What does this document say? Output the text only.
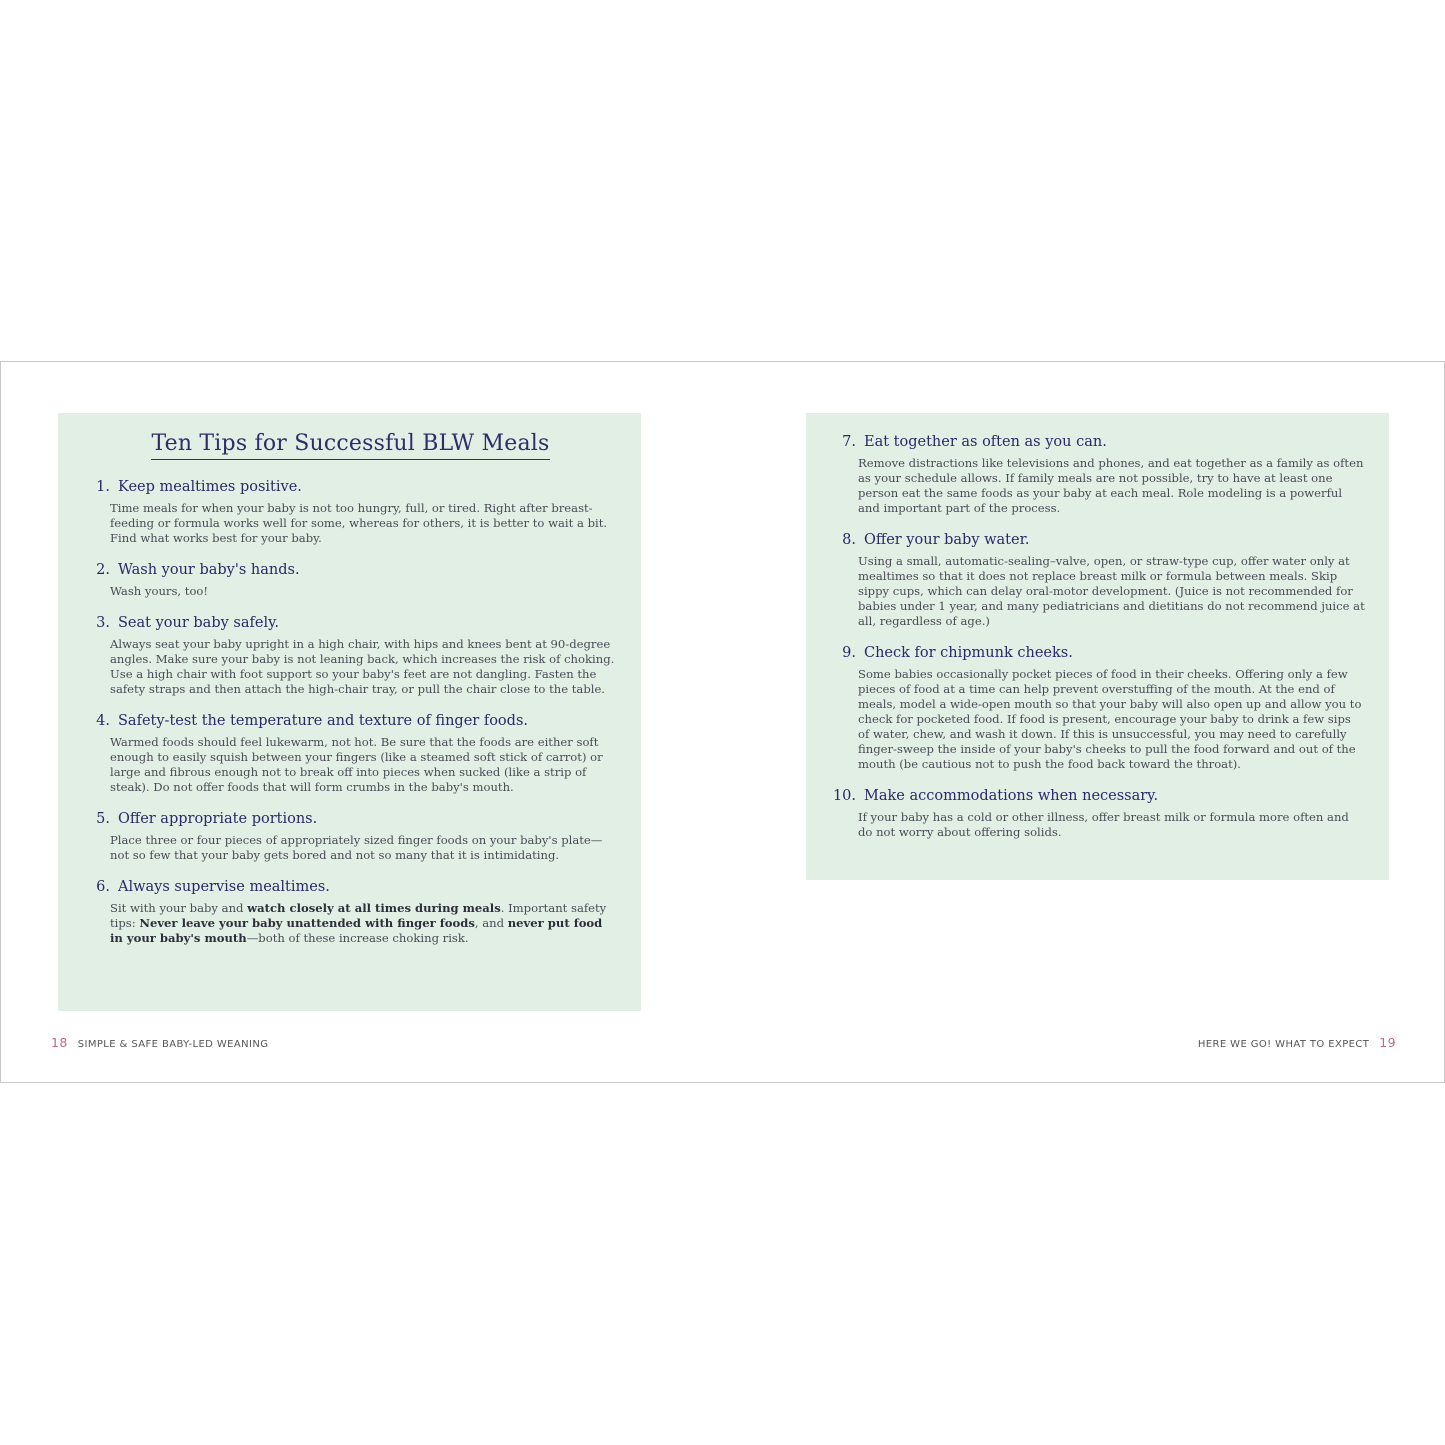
Ten Tips for Successful BLW Meals
1. Keep mealtimes positive.
Time meals for when your baby is not too hungry, full, or tired. Right after breast-feeding or formula works well for some, whereas for others, it is better to wait a bit. Find what works best for your baby.
2. Wash your baby's hands.
Wash yours, too!
3. Seat your baby safely.
Always seat your baby upright in a high chair, with hips and knees bent at 90-degree angles. Make sure your baby is not leaning back, which increases the risk of choking. Use a high chair with foot support so your baby's feet are not dangling. Fasten the safety straps and then attach the high-chair tray, or pull the chair close to the table.
4. Safety-test the temperature and texture of finger foods.
Warmed foods should feel lukewarm, not hot. Be sure that the foods are either soft enough to easily squish between your fingers (like a steamed soft stick of carrot) or large and fibrous enough not to break off into pieces when sucked (like a strip of steak). Do not offer foods that will form crumbs in the baby's mouth.
5. Offer appropriate portions.
Place three or four pieces of appropriately sized finger foods on your baby's plate—not so few that your baby gets bored and not so many that it is intimidating.
6. Always supervise mealtimes.
Sit with your baby and watch closely at all times during meals. Important safety tips: Never leave your baby unattended with finger foods, and never put food in your baby's mouth—both of these increase choking risk.
7. Eat together as often as you can.
Remove distractions like televisions and phones, and eat together as a family as often as your schedule allows. If family meals are not possible, try to have at least one person eat the same foods as your baby at each meal. Role modeling is a powerful and important part of the process.
8. Offer your baby water.
Using a small, automatic-sealing–valve, open, or straw-type cup, offer water only at mealtimes so that it does not replace breast milk or formula between meals. Skip sippy cups, which can delay oral-motor development. (Juice is not recommended for babies under 1 year, and many pediatricians and dietitians do not recommend juice at all, regardless of age.)
9. Check for chipmunk cheeks.
Some babies occasionally pocket pieces of food in their cheeks. Offering only a few pieces of food at a time can help prevent overstuffing of the mouth. At the end of meals, model a wide-open mouth so that your baby will also open up and allow you to check for pocketed food. If food is present, encourage your baby to drink a few sips of water, chew, and wash it down. If this is unsuccessful, you may need to carefully finger-sweep the inside of your baby's cheeks to pull the food forward and out of the mouth (be cautious not to push the food back toward the throat).
10. Make accommodations when necessary.
If your baby has a cold or other illness, offer breast milk or formula more often and do not worry about offering solids.
18 SIMPLE & SAFE BABY-LED WEANING	HERE WE GO! WHAT TO EXPECT 19
